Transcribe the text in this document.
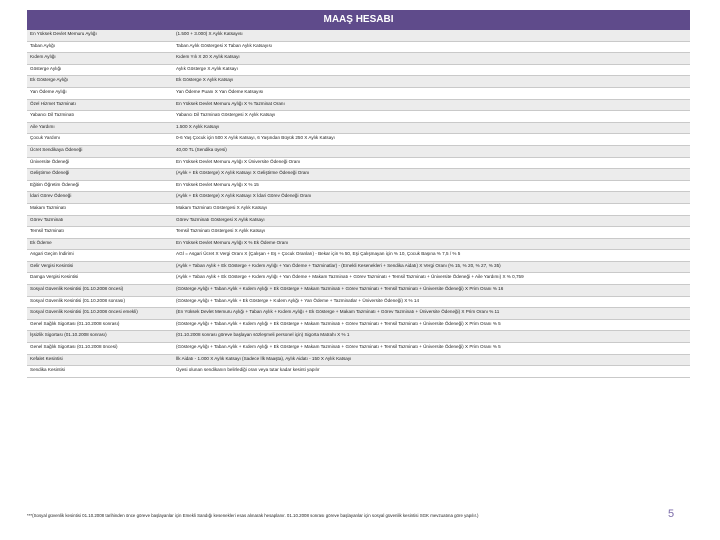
MAAŞ HESABI
En Yüksek Devlet Memuru Aylığı	(1.500 + 3.000) X Aylık Katsayısı
Taban Aylığı	Taban Aylık Göstergesi X Taban Aylık Katsayısı
Kıdem Aylığı	Kıdem Yılı X 20 X Aylık Katsayı
Gösterge Aylığı	Aylık Gösterge X Aylık Katsayı
Ek Gösterge Aylığı	Ek Gösterge X Aylık Katsayı
Yan Ödeme Aylığı	Yan Ödeme Puanı X Yan Ödeme Katsayısı
Özel Hizmet Tazminatı	En Yüksek Devlet Memuru Aylığı X % Tazminat Oranı
Yabancı Dil Tazminatı	Yabancı Dil Tazminatı Göstergesi X Aylık Katsayı
Aile Yardımı	1.500 X Aylık Katsayı
Çocuk Yardımı	0-6 Yaş Çocuk için 500 X Aylık Katsayı, 6 Yaşından Büyük 250 X Aylık Katsayı
Ücret Sendikaya Ödeneği	40,00 TL (Sendika üyesi)
Üniversite Ödeneği	En Yüksek Devlet Memuru Aylığı X Üniversite Ödeneği Oranı
Geliştirme Ödeneği	(Aylık + Ek Gösterge) X Aylık Katsayı X Geliştirme Ödeneği Oranı
Eğitim Öğretim Ödeneği	En Yüksek Devlet Memuru Aylığı X % 15
İdari Görev Ödeneği	(Aylık + Ek Gösterge) X Aylık Katsayı X İdari Görev Ödeneği Oranı
Makam Tazminatı	Makam Tazminatı Göstergesi X Aylık Katsayı
Görev Tazminatı	Görev Tazminatı Göstergesi X Aylık Katsayı
Temsil Tazminatı	Temsil Tazminatı Göstergesi X Aylık Katsayı
Ek Ödeme	En Yüksek Devlet Memuru Aylığı X % Ek Ödeme Oranı
Asgari Geçim İndirimi	AGİ = Asgari Ücret X Vergi Oranı X (Çalışan + Eş + Çocuk Oranları) - Bekar için % 50, Eşi Çalışmayan için % 10, Çocuk Başına % 7,5 / % 5
Gelir Vergisi Kesintisi	(Aylık + Taban Aylık + Ek Gösterge + Kıdem Aylığı + Yan Ödeme + Tazminatlar) - (Emekli Kesenekleri + Sendika Aidatı) X Vergi Oranı (% 15, % 20, % 27, % 35)
Damga Vergisi Kesintisi	(Aylık + Taban Aylık + Ek Gösterge + Kıdem Aylığı + Yan Ödeme + Makam Tazminatı + Görev Tazminatı + Temsil Tazminatı + Üniversite Ödeneği + Aile Yardımı) X % 0,759
Sosyal Güvenlik Kesintisi (01.10.2008 öncesi)	(Gösterge Aylığı + Taban Aylık + Kıdem Aylığı + Ek Gösterge + Makam Tazminatı + Görev Tazminatı + Temsil Tazminatı + Üniversite Ödeneği) X Prim Oranı % 16
Sosyal Güvenlik Kesintisi (01.10.2008 sonrası)	(Gösterge Aylığı + Taban Aylık + Ek Gösterge + Kıdem Aylığı + Yan Ödeme + Tazminatlar + Üniversite Ödeneği) X % 14
Sosyal Güvenlik Kesintisi (01.10.2008 öncesi emekli)	(En Yüksek Devlet Memuru Aylığı + Taban Aylık + Kıdem Aylığı + Ek Gösterge + Makam Tazminatı + Görev Tazminatı + Üniversite Ödeneği) X Prim Oranı % 11
Genel Sağlık Sigortası (01.10.2008 sonrası)	(Gösterge Aylığı + Taban Aylık + Kıdem Aylığı + Ek Gösterge + Makam Tazminatı + Görev Tazminatı + Temsil Tazminatı + Üniversite Ödeneği) X Prim Oranı % 5
İşsizlik Sigortası (01.10.2008 sonrası)	(01.10.2008 sonrası göreve başlayan sözleşmeli personel için) Sigorta Matrahı X % 1
Genel Sağlık Sigortası (01.10.2008 öncesi)	(Gösterge Aylığı + Taban Aylık + Kıdem Aylığı + Ek Gösterge + Makam Tazminatı + Görev Tazminatı + Temsil Tazminatı + Üniversite Ödeneği) X Prim Oranı % 5
Kefalet Kesintisi	İlk Aidatı - 1.000 X Aylık Katsayı (Sadece İlk Maaşta), Aylık Aidatı - 150 X Aylık Katsayı
Sendika Kesintisi	Üyesi olunan sendikanın belirlediği oran veya tutar kadar kesinti yapılır
***(Sosyal güvenlik kesintisi 01.10.2008 tarihinden önce göreve başlayanlar için Emekli Sandığı kesenekleri esas alınarak hesaplanır. 01.10.2008 sonrası göreve başlayanlar için sosyal güvenlik kesintisi SGK mevzuatına göre yapılır.)	5
